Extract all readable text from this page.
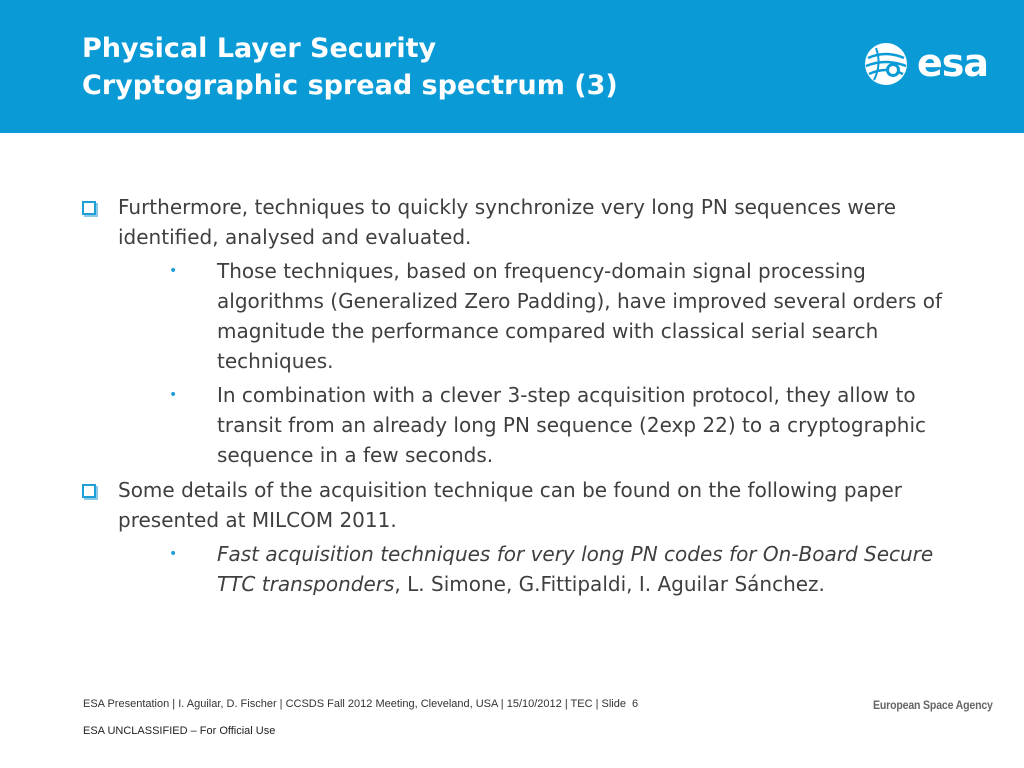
Physical Layer Security
Cryptographic spread spectrum (3)
esa
Furthermore, techniques to quickly synchronize very long PN sequences were identified, analysed and evaluated.
• Those techniques, based on frequency-domain signal processing algorithms (Generalized Zero Padding), have improved several orders of magnitude the performance compared with classical serial search techniques.
• In combination with a clever 3-step acquisition protocol, they allow to transit from an already long PN sequence (2exp 22) to a cryptographic sequence in a few seconds.
Some details of the acquisition technique can be found on the following paper presented at MILCOM 2011.
• Fast acquisition techniques for very long PN codes for On-Board Secure TTC transponders, L. Simone, G.Fittipaldi, I. Aguilar Sánchez.
ESA Presentation | I. Aguilar, D. Fischer | CCSDS Fall 2012 Meeting, Cleveland, USA | 15/10/2012 | TEC | Slide 6
ESA UNCLASSIFIED – For Official Use
European Space Agency
